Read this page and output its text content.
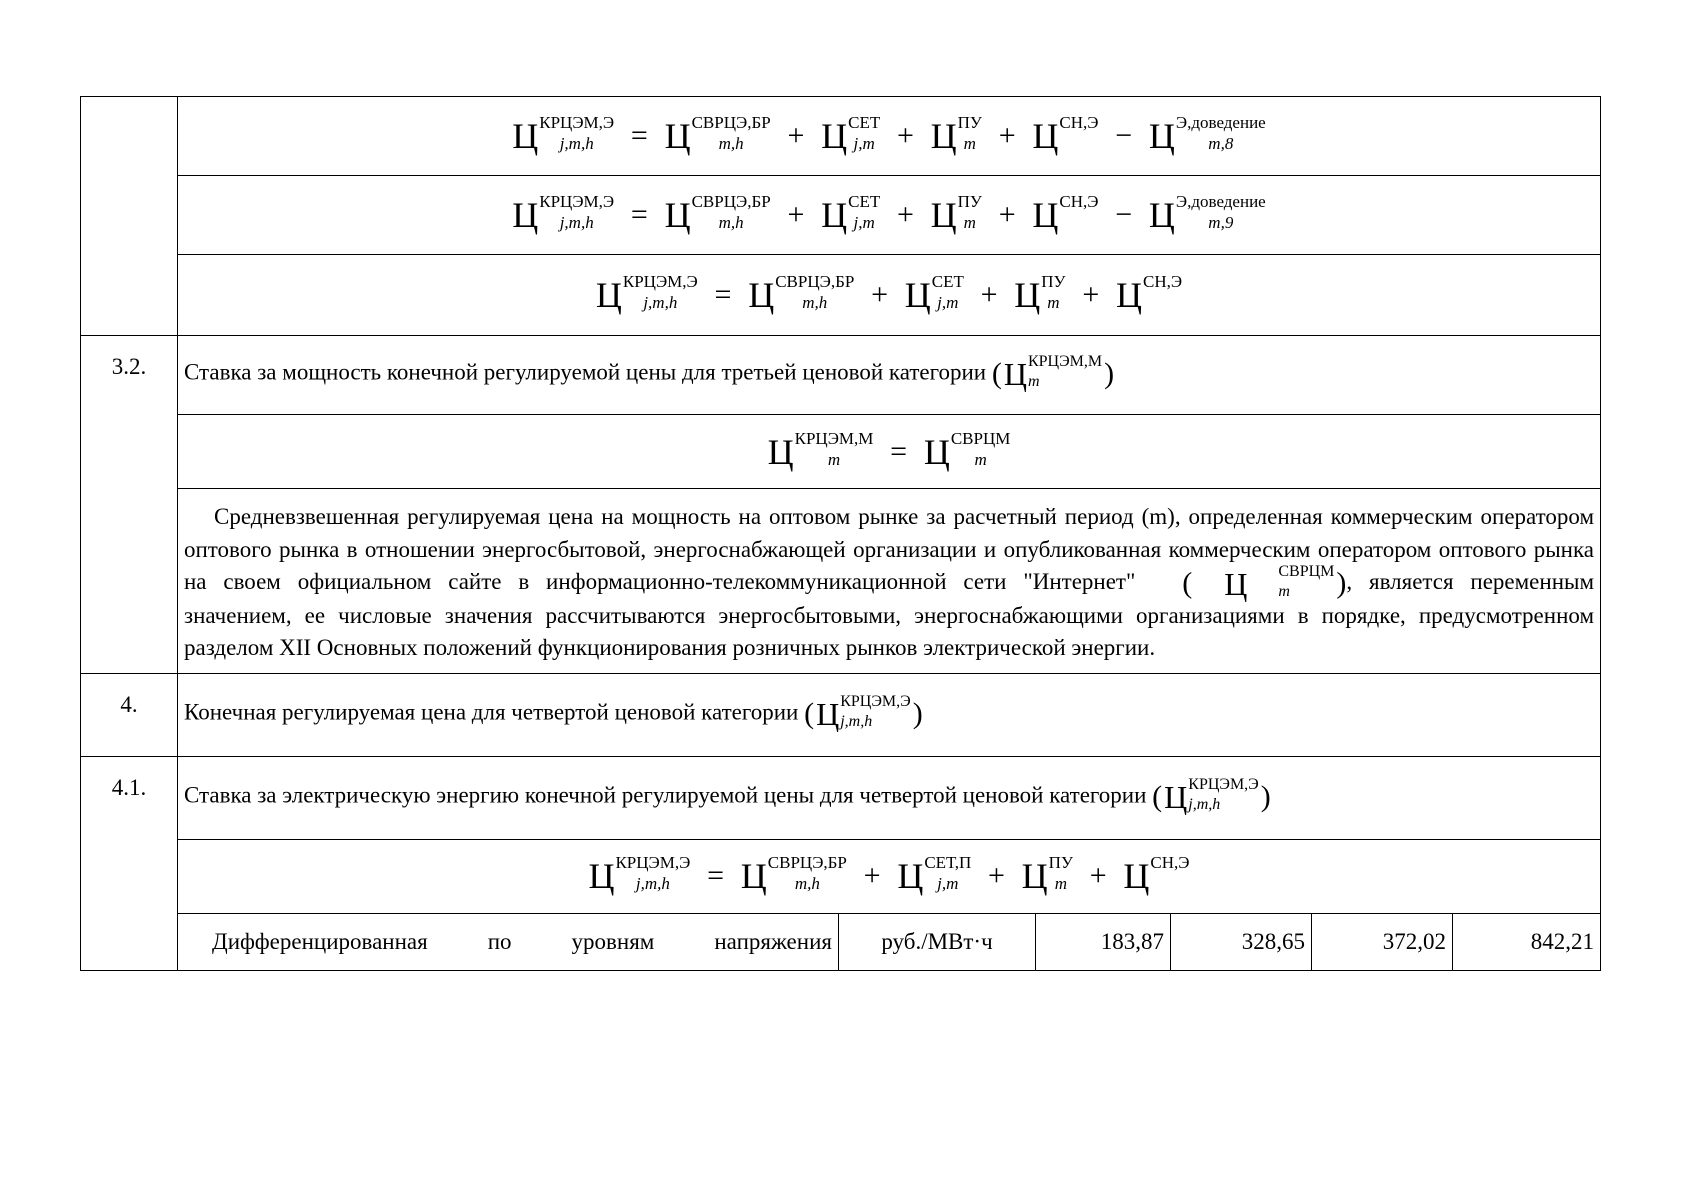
Ц КРЦЭМ,Э
j,m,h	= Ц СВРЦЭ,БР
m,h	+ Ц СЕТ
j,m + Ц ПУ
m + Ц СН,Э
− Ц Э,доведение
m,8

Ц КРЦЭМ,Э
j,m,h	= Ц СВРЦЭ,БР
m,h	+ Ц СЕТ
j,m + Ц ПУ
m + Ц СН,Э
− Ц Э,доведение
m,9

Ц КРЦЭМ,Э
j,m,h	= Ц СВРЦЭ,БР
m,h	+ Ц СЕТ
j,m + Ц ПУ
m + Ц СН,Э

3.2.	Ставка за мощность конечной регулируемой цены для третьей ценовой категории ( Ц КРЦЭМ,М
m	)

Ц КРЦЭМ,М
m	= Ц СВРЦМ
m

Средневзвешенная регулируемая цена на мощность на оптовом рынке за расчетный период (m), определенная коммерческим оператором оптового рынка в отношении энергосбытовой, энергоснабжающей организации и опубликованная коммерческим оператором оптового рынка на своем официальном сайте в информационно-телекоммуникационной сети "Интернет" (	Ц	СВРЦМ
m	), является переменным значением, ее числовые значения рассчитываются энергосбытовыми, энергоснабжающими организациями в порядке, предусмотренном разделом XII Основных положений функционирования розничных рынков электрической энергии.

4.	Конечная регулируемая цена для четвертой ценовой категории ( Ц КРЦЭМ,Э
j,m,h	)
4.1.	Ставка за электрическую энергию конечной регулируемой цены для четвертой ценовой категории ( Ц КРЦЭМ,Э
j,m,h	)

Ц КРЦЭМ,Э
j,m,h	= Ц СВРЦЭ,БР
m,h	+ Ц СЕТ,П
j,m + Ц ПУ
m + Ц СН,Э

Дифференцированная	по	уровням	напряжения	руб./МВт·ч	183,87	328,65	372,02	842,21
